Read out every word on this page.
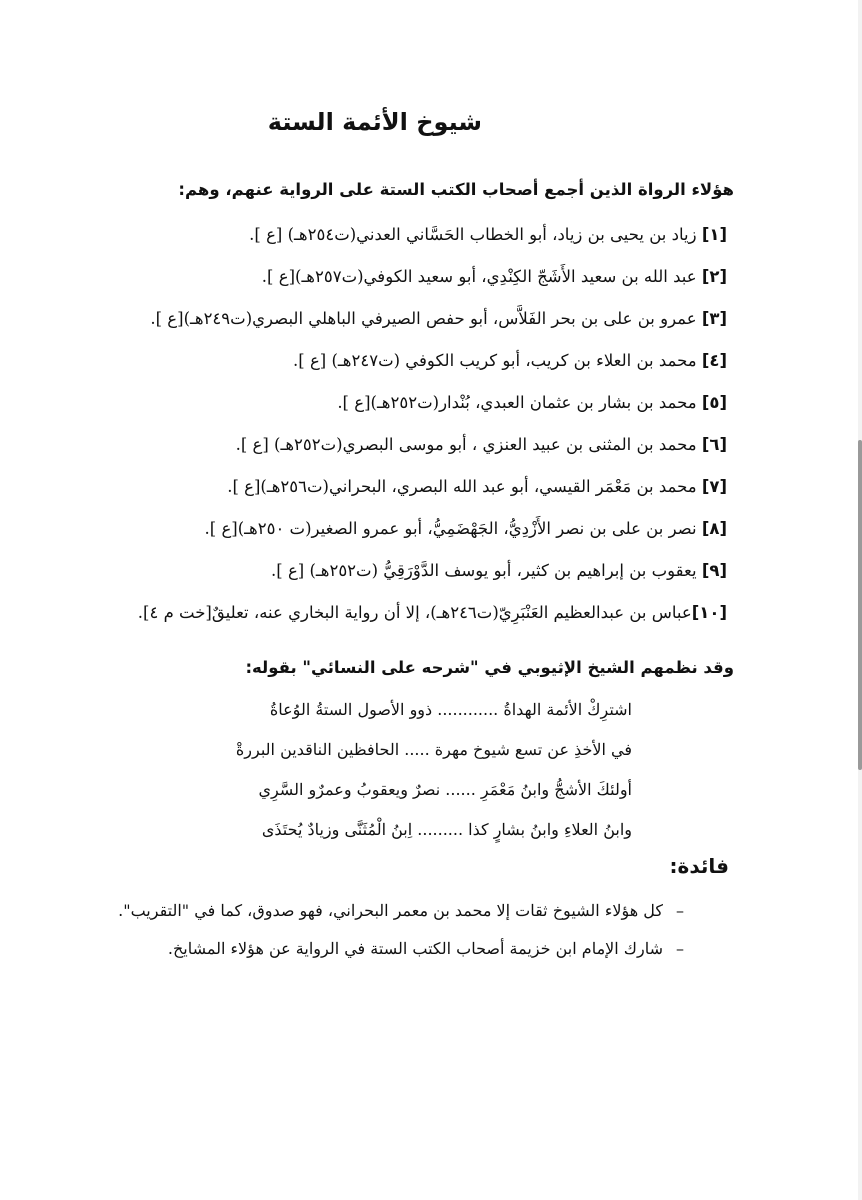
شيوخ الأئمة الستة
هؤلاء الرواة الذين أجمع أصحاب الكتب الستة على الرواية عنهم، وهم:
[١] زياد بن يحيى بن زياد، أبو الخطاب الحَسَّاني العدني(ت٢٥٤هـ) [ع ].
[٢] عبد الله بن سعيد الأَشَجّ الكِنْدِي، أبو سعيد الكوفي(ت٢٥٧هـ)[ع ].
[٣] عمرو بن على بن بحر الفَلاَّس، أبو حفص الصيرفي الباهلي البصري(ت٢٤٩هـ)[ع ].
[٤] محمد بن العلاء بن كريب، أبو كريب الكوفي (ت٢٤٧هـ) [ع ].
[٥] محمد بن بشار بن عثمان العبدي، بُنْدار(ت٢٥٢هـ)[ع ].
[٦] محمد بن المثنى بن عبيد العنزي ، أبو موسى البصري(ت٢٥٢هـ) [ع ].
[٧] محمد بن مَعْمَر القيسي، أبو عبد الله البصري، البحراني(ت٢٥٦هـ)[ع ].
[٨] نصر بن على بن نصر الأَزْدِيُّ، الجَهْضَمِيُّ، أبو عمرو الصغير(ت ٢٥٠هـ)[ع ].
[٩] يعقوب بن إبراهيم بن كثير، أبو يوسف الدَّوْرَقِيُّ (ت٢٥٢هـ) [ع ].
[١٠]عباس بن عبدالعظيم العَنْبَرِيّ(ت٢٤٦هـ)، إلا أن رواية البخاري عنه، تعليقٌ[خت م ٤].
وقد نظمهم الشيخ الإثيوبي في "شرحه على النسائي" بقوله:
اشترِكْ الأئمة الهداةُ ............ ذوو الأصول الستةُ الوُعاةُ
في الأخذِ عن تسع شيوخ مهرة ..... الحافظين الناقدين البررةْ
أولئكَ الأشجُّ وابنُ مَعْمَرِ ...... نصرٌ ويعقوبُ وعمرٌو السَّرِي
وابنُ العلاءِ وابنُ بشارٍ كذا ......... اِبنُ الْمُثَنَّى وزيادٌ يُحتَذَى
فائدة:
–كل هؤلاء الشيوخ ثقات إلا محمد بن معمر البحراني، فهو صدوق، كما في "التقريب".
–شارك الإمام ابن خزيمة أصحاب الكتب الستة في الرواية عن هؤلاء المشايخ.
